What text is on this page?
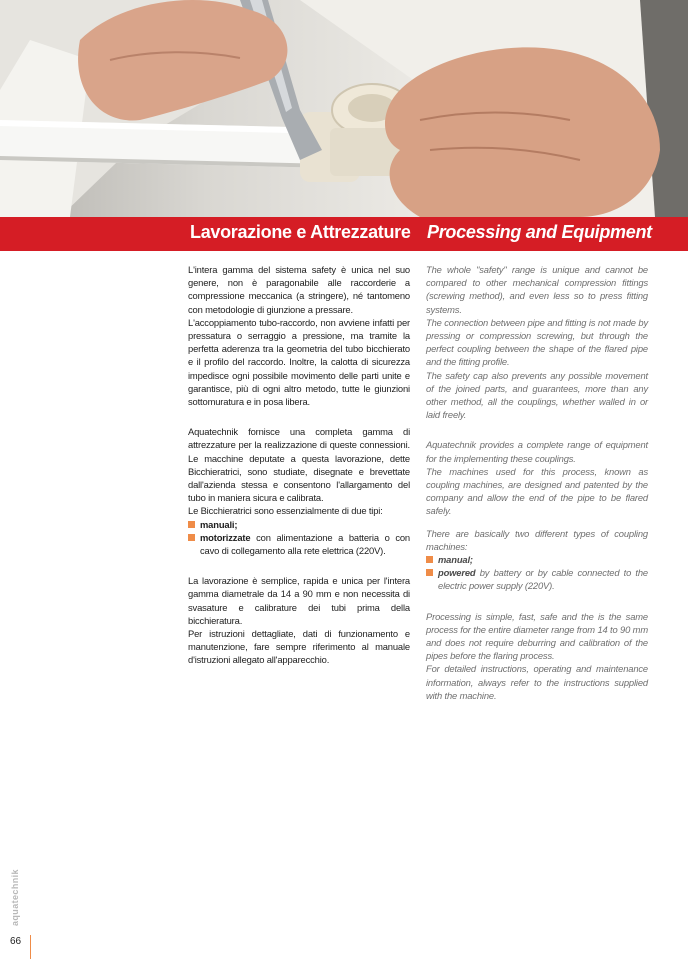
Lavorazione e Attrezzature Processing and Equipment

L'intera gamma del sistema safety è unica nel suo genere, non è paragonabile alle raccorderie a compressione meccanica (a stringere), né tantomeno con metodologie di giunzione a pressare.

L'accoppiamento tubo-raccordo, non avviene infatti per pressatura o serraggio a pressione, ma tramite la perfetta aderenza tra la geometria del tubo bicchierato e il profilo del raccordo. Inoltre, la calotta di sicurezza impedisce ogni possibile movimento delle parti unite e garantisce, più di ogni altro metodo, tutte le giunzioni sottomuratura e in posa libera.

Aquatechnik fornisce una completa gamma di attrezzature per la realizzazione di queste connessioni. Le macchine deputate a questa lavorazione, dette Bicchieratrici, sono studiate, disegnate e brevettate dall'azienda stessa e consentono l'allargamento del tubo in maniera sicura e calibrata.

Le Bicchieratrici sono essenzialmente di due tipi:

manuali;
motorizzate con alimentazione a batteria o con cavo di collegamento alla rete elettrica (220V).

La lavorazione è semplice, rapida e unica per l'intera gamma diametrale da 14 a 90 mm e non necessita di svasature e calibrature dei tubi prima della bicchieratura.

Per istruzioni dettagliate, dati di funzionamento e manutenzione, fare sempre riferimento al manuale d'istruzioni allegato all'apparecchio.

The whole "safety" range is unique and cannot be compared to other mechanical compression fittings (screwing method), and even less so to press fitting systems.

The connection between pipe and fitting is not made by pressing or compression screwing, but through the perfect coupling between the shape of the flared pipe and the fitting profile.

The safety cap also prevents any possible movement of the joined parts, and guarantees, more than any other method, all the couplings, whether walled in or laid freely.

Aquatechnik provides a complete range of equipment for the implementing these couplings.

The machines used for this process, known as coupling machines, are designed and patented by the company and allow the end of the pipe to be flared safely.

There are basically two different types of coupling machines:

manual;
powered by battery or by cable connected to the electric power supply (220V).

Processing is simple, fast, safe and the is the same process for the entire diameter range from 14 to 90 mm and does not require deburring and calibration of the pipes before the flaring process.

For detailed instructions, operating and maintenance information, always refer to the instructions supplied with the machine.

aquatechnik
66
